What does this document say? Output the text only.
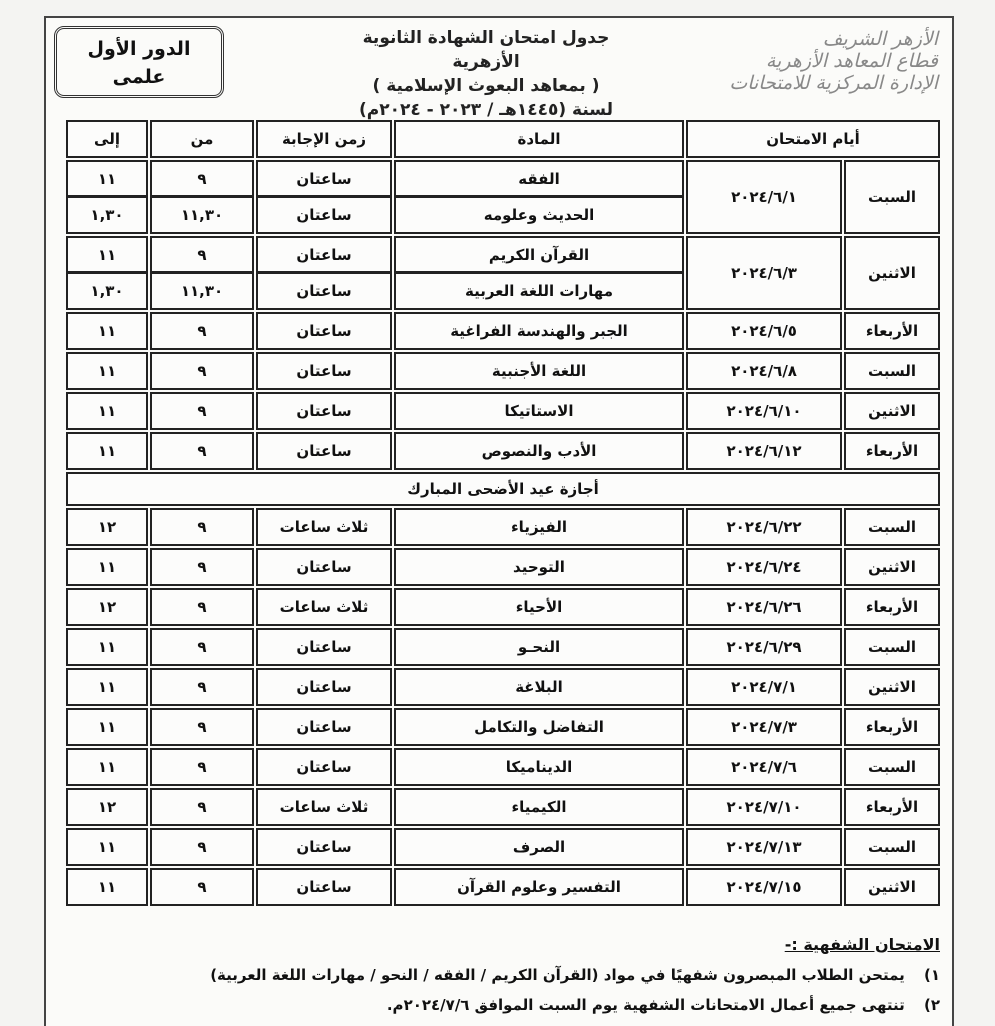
الأزهر الشريف
قطاع المعاهد الأزهرية
الإدارة المركزية للامتحانات
جدول امتحان الشهادة الثانوية الأزهرية
( بمعاهد البعوث الإسلامية )
لسنة (١٤٤٥هـ / ٢٠٢٣ - ٢٠٢٤م)
الدور الأول
علمى
أيام الامتحان
المادة
زمن الإجابة
من
إلى
السبت
٢٠٢٤/٦/١
الفقه
ساعتان
٩
١١
الحديث وعلومه
ساعتان
١١,٣٠
١,٣٠
الاثنين
٢٠٢٤/٦/٣
القرآن الكريم
ساعتان
٩
١١
مهارات اللغة العربية
ساعتان
١١,٣٠
١,٣٠
الأربعاء
٢٠٢٤/٦/٥
الجبر والهندسة الفراغية
ساعتان
٩
١١
السبت
٢٠٢٤/٦/٨
اللغة الأجنبية
ساعتان
٩
١١
الاثنين
٢٠٢٤/٦/١٠
الاستاتيكا
ساعتان
٩
١١
الأربعاء
٢٠٢٤/٦/١٢
الأدب والنصوص
ساعتان
٩
١١
أجازة عيد الأضحى المبارك
السبت
٢٠٢٤/٦/٢٢
الفيزياء
ثلاث ساعات
٩
١٢
الاثنين
٢٠٢٤/٦/٢٤
التوحيد
ساعتان
٩
١١
الأربعاء
٢٠٢٤/٦/٢٦
الأحياء
ثلاث ساعات
٩
١٢
السبت
٢٠٢٤/٦/٢٩
النحـو
ساعتان
٩
١١
الاثنين
٢٠٢٤/٧/١
البلاغة
ساعتان
٩
١١
الأربعاء
٢٠٢٤/٧/٣
التفاضل والتكامل
ساعتان
٩
١١
السبت
٢٠٢٤/٧/٦
الديناميكا
ساعتان
٩
١١
الأربعاء
٢٠٢٤/٧/١٠
الكيمياء
ثلاث ساعات
٩
١٢
السبت
٢٠٢٤/٧/١٣
الصرف
ساعتان
٩
١١
الاثنين
٢٠٢٤/٧/١٥
التفسير وعلوم القرآن
ساعتان
٩
١١
الامتحان الشفهية :-
١) يمتحن الطلاب المبصرون شفهيًا في مواد (القرآن الكريم / الفقه / النحو / مهارات اللغة العربية)
٢) تنتهى جميع أعمال الامتحانات الشفهية يوم السبت الموافق ٢٠٢٤/٧/٦م.
